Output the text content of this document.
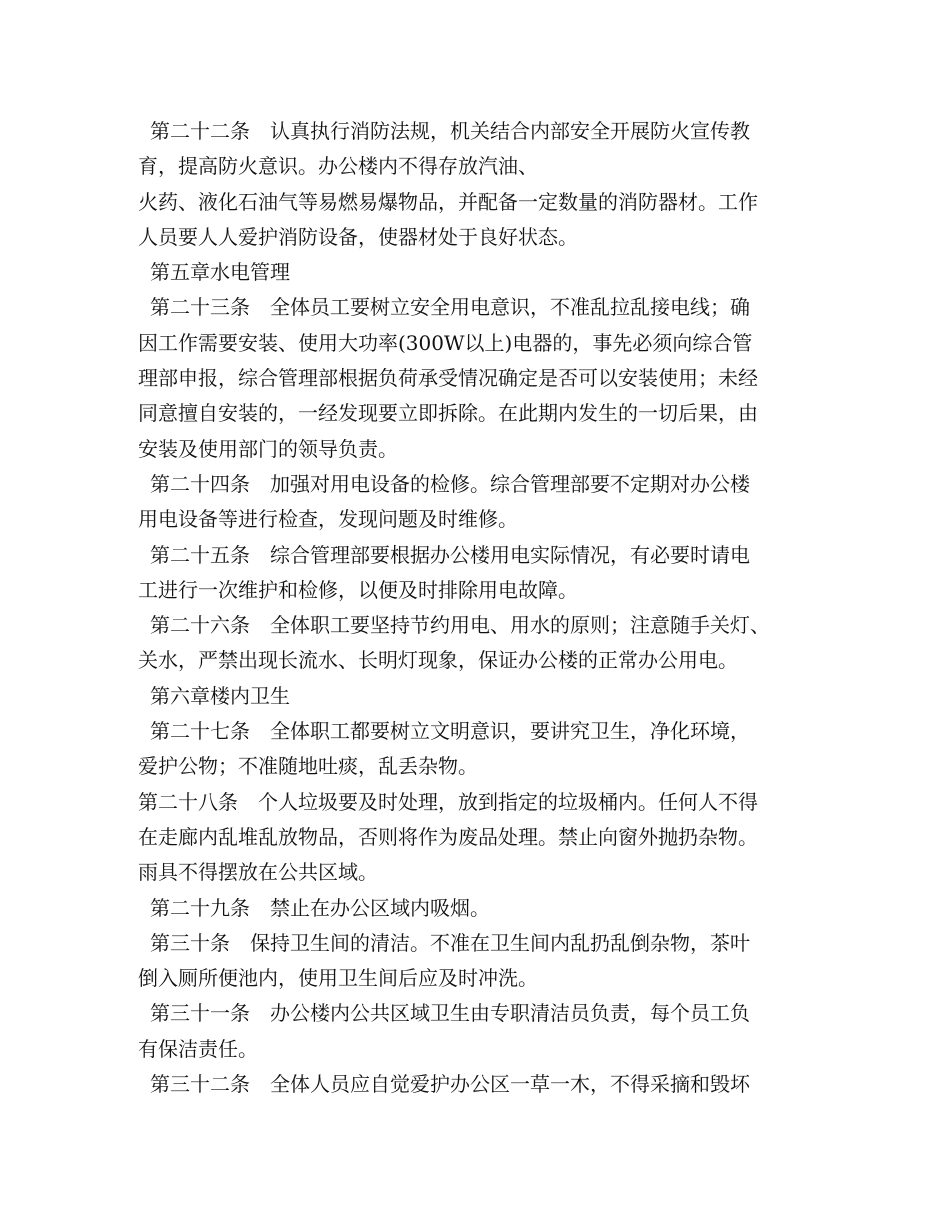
第二十二条　认真执行消防法规，机关结合内部安全开展防火宣传教
育，提高防火意识。办公楼内不得存放汽油、
火药、液化石油气等易燃易爆物品，并配备一定数量的消防器材。工作
人员要人人爱护消防设备，使器材处于良好状态。
第五章水电管理
第二十三条　全体员工要树立安全用电意识，不准乱拉乱接电线；确
因工作需要安装、使用大功率(300W以上)电器的，事先必须向综合管
理部申报，综合管理部根据负荷承受情况确定是否可以安装使用；未经
同意擅自安装的，一经发现要立即拆除。在此期内发生的一切后果，由
安装及使用部门的领导负责。
第二十四条　加强对用电设备的检修。综合管理部要不定期对办公楼
用电设备等进行检查，发现问题及时维修。
第二十五条　综合管理部要根据办公楼用电实际情况，有必要时请电
工进行一次维护和检修，以便及时排除用电故障。
第二十六条　全体职工要坚持节约用电、用水的原则；注意随手关灯、
关水，严禁出现长流水、长明灯现象，保证办公楼的正常办公用电。
第六章楼内卫生
第二十七条　全体职工都要树立文明意识，要讲究卫生，净化环境，
爱护公物；不准随地吐痰，乱丢杂物。
第二十八条　个人垃圾要及时处理，放到指定的垃圾桶内。任何人不得
在走廊内乱堆乱放物品，否则将作为废品处理。禁止向窗外抛扔杂物。
雨具不得摆放在公共区域。
第二十九条　禁止在办公区域内吸烟。
第三十条　保持卫生间的清洁。不准在卫生间内乱扔乱倒杂物，茶叶
倒入厕所便池内，使用卫生间后应及时冲洗。
第三十一条　办公楼内公共区域卫生由专职清洁员负责，每个员工负
有保洁责任。
第三十二条　全体人员应自觉爱护办公区一草一木，不得采摘和毁坏
